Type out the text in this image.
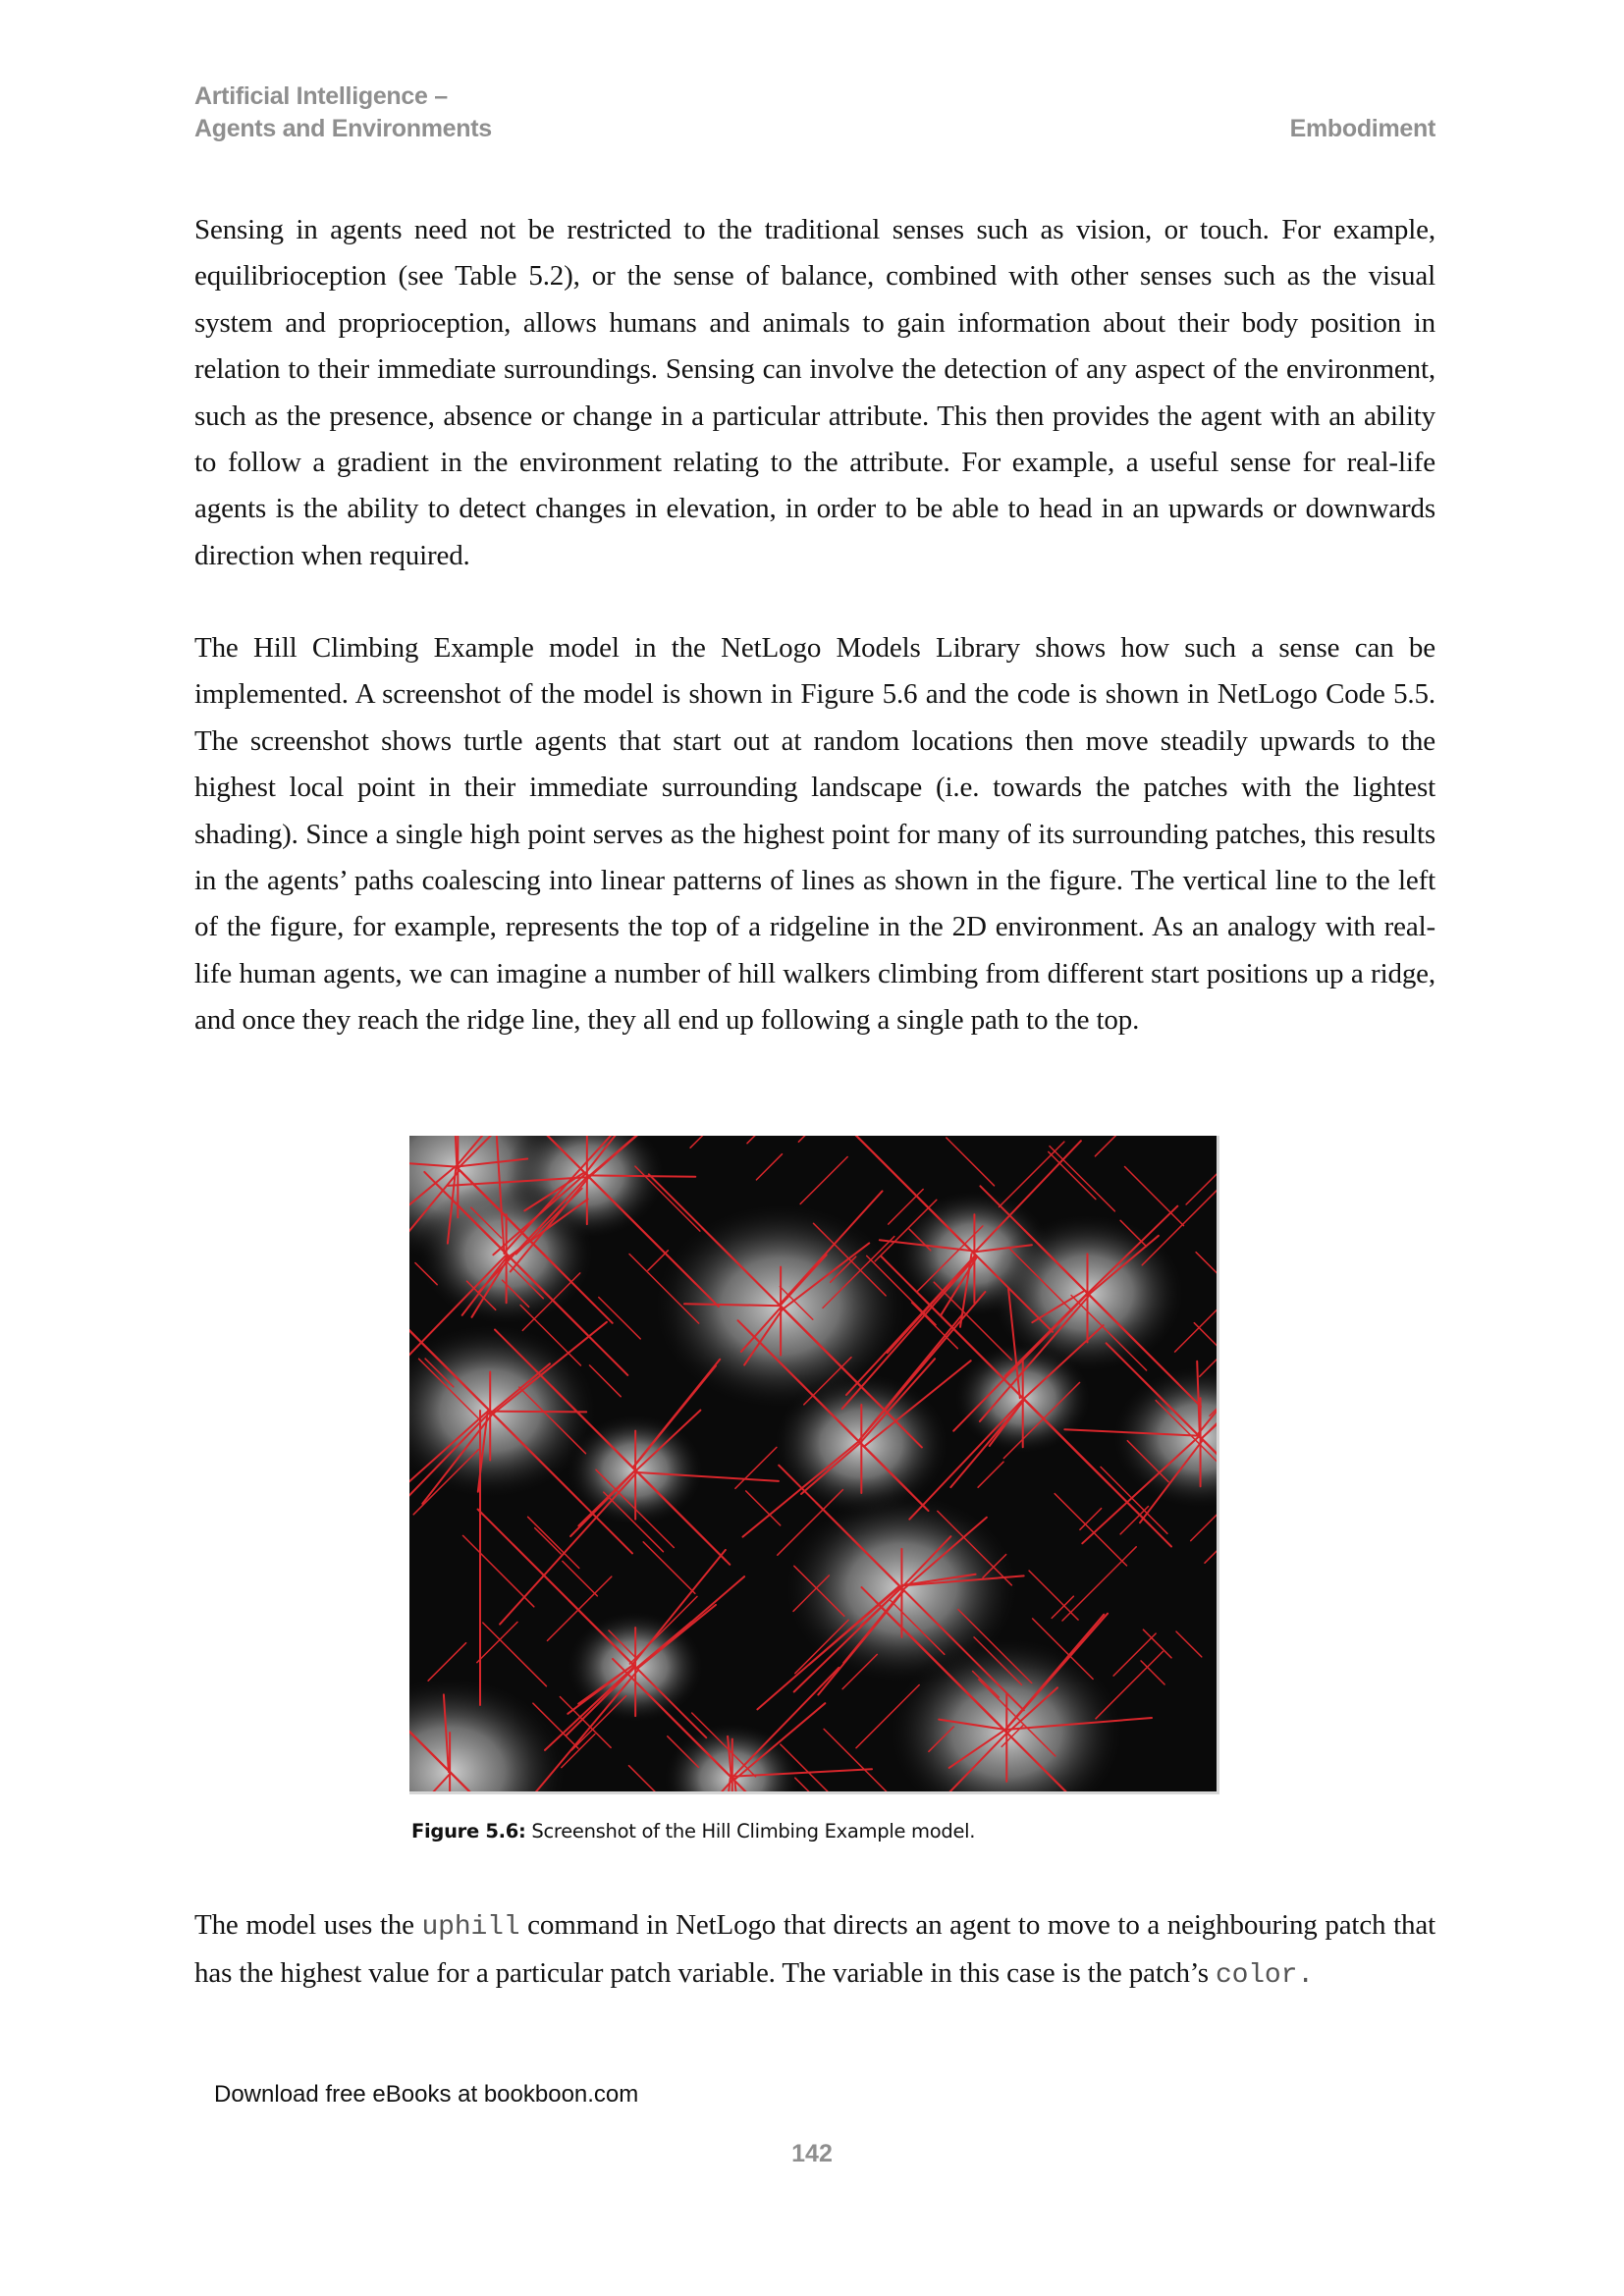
Artificial Intelligence –
Agents and Environments	Embodiment

Sensing in agents need not be restricted to the traditional senses such as vision, or touch. For example, equilibrioception (see Table 5.2), or the sense of balance, combined with other senses such as the visual system and proprioception, allows humans and animals to gain information about their body position in relation to their immediate surroundings. Sensing can involve the detection of any aspect of the environment, such as the presence, absence or change in a particular attribute. This then provides the agent with an ability to follow a gradient in the environment relating to the attribute. For example, a useful sense for real-life agents is the ability to detect changes in elevation, in order to be able to head in an upwards or downwards direction when required.

The Hill Climbing Example model in the NetLogo Models Library shows how such a sense can be implemented. A screenshot of the model is shown in Figure 5.6 and the code is shown in NetLogo Code 5.5. The screenshot shows turtle agents that start out at random locations then move steadily upwards to the highest local point in their immediate surrounding landscape (i.e. towards the patches with the lightest shading). Since a single high point serves as the highest point for many of its surrounding patches, this results in the agents’ paths coalescing into linear patterns of lines as shown in the figure. The vertical line to the left of the figure, for example, represents the top of a ridgeline in the 2D environment. As an analogy with real-life human agents, we can imagine a number of hill walkers climbing from different start positions up a ridge, and once they reach the ridge line, they all end up following a single path to the top.

Figure 5.6: Screenshot of the Hill Climbing Example model.

The model uses the uphill command in NetLogo that directs an agent to move to a neighbouring patch that has the highest value for a particular patch variable. The variable in this case is the patch’s color.

Download free eBooks at bookboon.com
142
